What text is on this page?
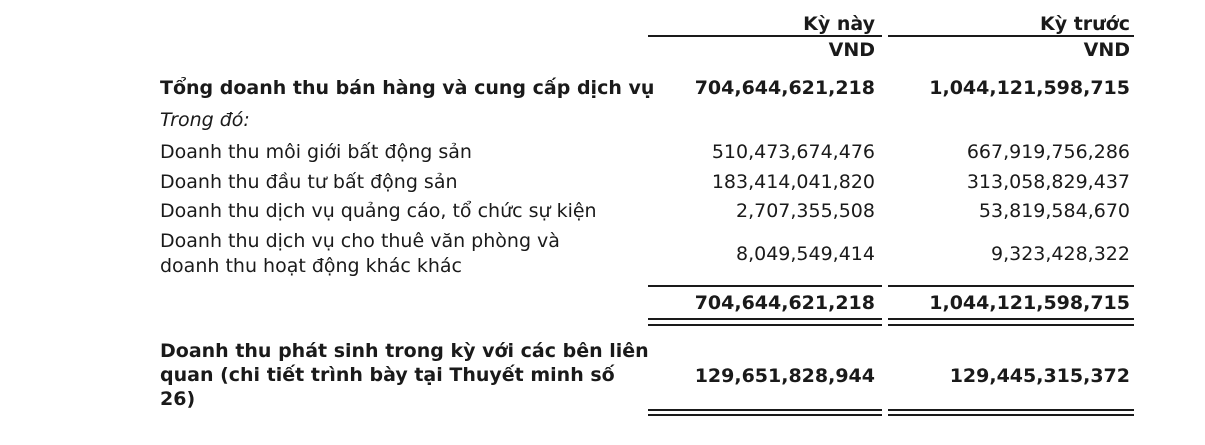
Kỳ này	Kỳ trước
VND	VND
Tổng doanh thu bán hàng và cung cấp dịch vụ 704,644,621,218	1,044,121,598,715
Trong đó:
Doanh thu môi giới bất động sản	510,473,674,476	667,919,756,286
Doanh thu đầu tư bất động sản	183,414,041,820	313,058,829,437
Doanh thu dịch vụ quảng cáo, tổ chức sự kiện	2,707,355,508	53,819,584,670
Doanh thu dịch vụ cho thuê văn phòng và
doanh thu hoạt động khác khác
8,049,549,414	9,323,428,322
704,644,621,218	1,044,121,598,715
Doanh thu phát sinh trong kỳ với các bên liên
quan (chi tiết trình bày tại Thuyết minh số
26)
129,651,828,944	129,445,315,372
